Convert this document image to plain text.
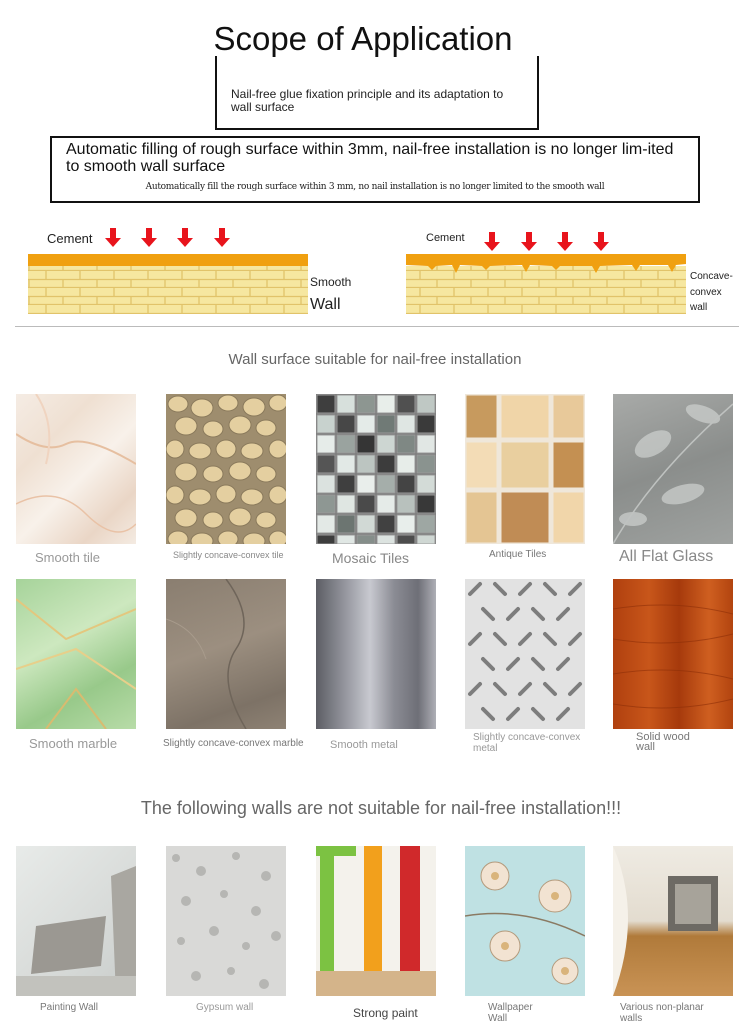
Scope of Application
Nail-free glue fixation principle and its adaptation to wall surface
Automatic filling of rough surface within 3mm, nail-free installation is no longer lim-ited to smooth wall surface
Automatically fill the rough surface within 3 mm, no nail installation is no longer limited to the smooth wall
Cement
Smooth
Wall
Cement
Concave-
convex
wall
Wall surface suitable for nail-free installation
Smooth tile	Slightly concave-convex tile	Mosaic Tiles	Antique Tiles	All Flat Glass
Smooth marble	Slightly concave-convex marble Smooth metal
Slightly concave-convex metal
Solid wood wall
The following walls are not suitable for nail-free installation!!!
Painting Wall	Gypsum wall	Strong paint	Wallpaper Wall
Various non-planar walls
